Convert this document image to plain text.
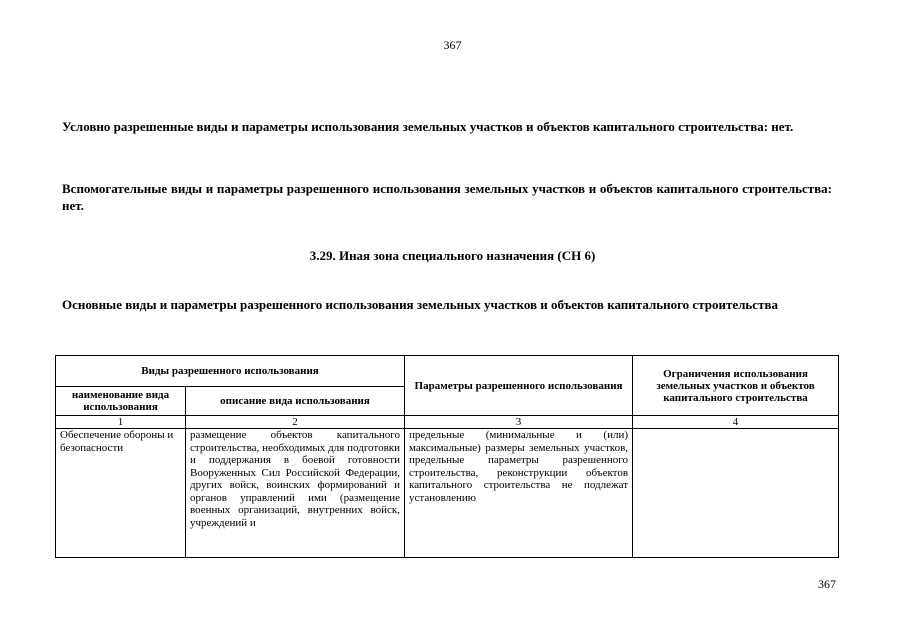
367

Условно разрешенные виды и параметры использования земельных участков и объектов капитального строительства: нет.

Вспомогательные виды и параметры разрешенного использования земельных участков и объектов капитального строительства: нет.

3.29. Иная зона специального назначения (СН 6)

Основные виды и параметры разрешенного использования земельных участков и объектов капитального строительства

Виды разрешенного использования		Параметры разрешенного использования	Ограничения использования земельных участков и объектов капитального строительства
наименование вида использования	описание вида использования		
1	2	3	4

Обеспечение обороны и безопасности	размещение объектов капитального строительства, необходимых для подготовки и поддержания в боевой готовности Вооруженных Сил Российской Федерации, других войск, воинских формирований и органов управлений ими (размещение военных организаций, внутренних войск, учреждений и	предельные (минимальные и (или) максимальные) размеры земельных участков, предельные параметры разрешенного строительства, реконструкции объектов капитального строительства не подлежат установлению	

367
